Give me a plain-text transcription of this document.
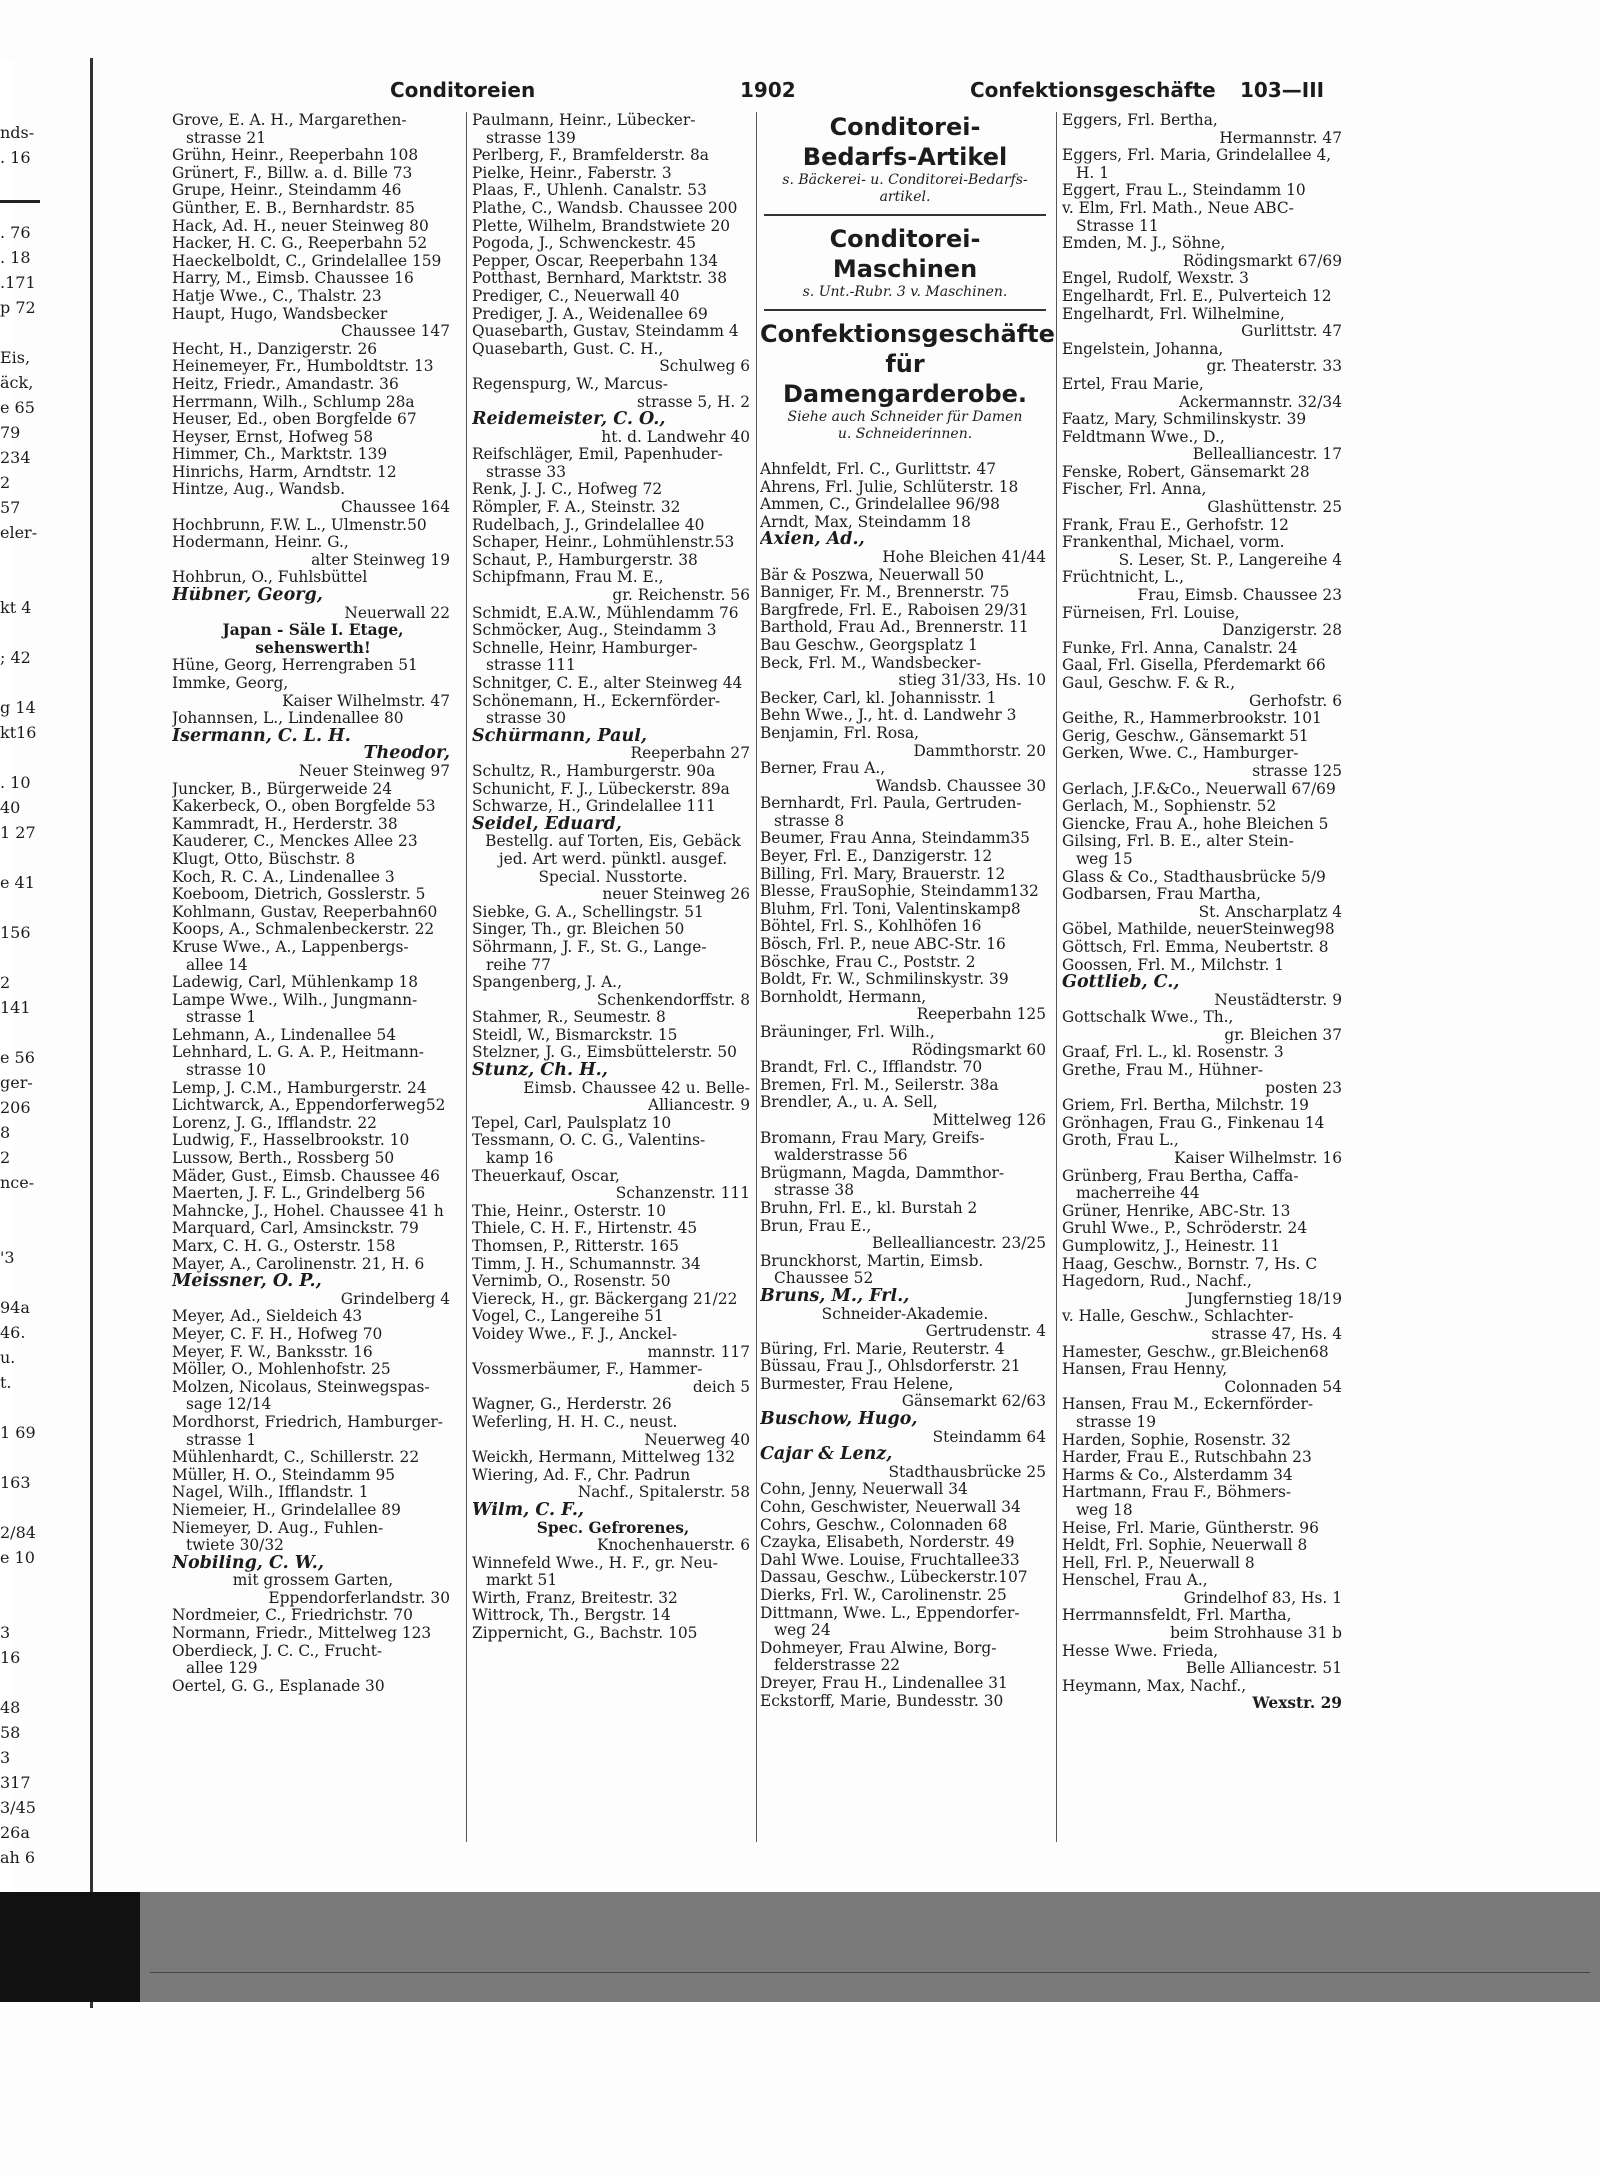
nds-
. 16

. 76
. 18
.171
p 72

Eis,
äck,
e 65
79
234
2
57
eler-

kt 4

; 42

g 14
kt16

. 10
40
1 27

e 41

156

2
141

e 56
ger-
206
8
2
nce-

'3

94a
46.
u.
t.

1 69

163

2/84
e 10

3
16

48
58
3
317
3/45
26a
ah 6

Conditoreien	1902	Confektionsgeschäfte 103—III
Grove, E. A. H., Margarethen-
strasse 21
Grühn, Heinr., Reeperbahn 108
Grünert, F., Billw. a. d. Bille 73
Grupe, Heinr., Steindamm 46
Günther, E. B., Bernhardstr. 85
Hack, Ad. H., neuer Steinweg 80
Hacker, H. C. G., Reeperbahn 52
Haeckelboldt, C., Grindelallee 159
Harry, M., Eimsb. Chaussee 16
Hatje Wwe., C., Thalstr. 23
Haupt, Hugo, Wandsbecker
Chaussee 147
Hecht, H., Danzigerstr. 26
Heinemeyer, Fr., Humboldtstr. 13
Heitz, Friedr., Amandastr. 36
Herrmann, Wilh., Schlump 28a
Heuser, Ed., oben Borgfelde 67
Heyser, Ernst, Hofweg 58
Himmer, Ch., Marktstr. 139
Hinrichs, Harm, Arndtstr. 12
Hintze, Aug., Wandsb.
Chaussee 164
Hochbrunn, F.W. L., Ulmenstr.50
Hodermann, Heinr. G.,
alter Steinweg 19
Hohbrun, O., Fuhlsbüttel
Hübner, Georg,
Neuerwall 22
Japan - Säle I. Etage,
sehenswerth!
Hüne, Georg, Herrengraben 51
Immke, Georg,
Kaiser Wilhelmstr. 47
Johannsen, L., Lindenallee 80
Isermann, C. L. H.
Theodor,
Neuer Steinweg 97
Juncker, B., Bürgerweide 24
Kakerbeck, O., oben Borgfelde 53
Kammradt, H., Herderstr. 38
Kauderer, C., Menckes Allee 23
Klugt, Otto, Büschstr. 8
Koch, R. C. A., Lindenallee 3
Koeboom, Dietrich, Gosslerstr. 5
Kohlmann, Gustav, Reeperbahn60
Koops, A., Schmalenbeckerstr. 22
Kruse Wwe., A., Lappenbergs-
allee 14
Ladewig, Carl, Mühlenkamp 18
Lampe Wwe., Wilh., Jungmann-
strasse 1
Lehmann, A., Lindenallee 54
Lehnhard, L. G. A. P., Heitmann-
strasse 10
Lemp, J. C.M., Hamburgerstr. 24
Lichtwarck, A., Eppendorferweg52
Lorenz, J. G., Ifflandstr. 22
Ludwig, F., Hasselbrookstr. 10
Lussow, Berth., Rossberg 50
Mäder, Gust., Eimsb. Chaussee 46
Maerten, J. F. L., Grindelberg 56
Mahncke, J., Hohel. Chaussee 41 h
Marquard, Carl, Amsinckstr. 79
Marx, C. H. G., Osterstr. 158
Mayer, A., Carolinenstr. 21, H. 6
Meissner, O. P.,
Grindelberg 4
Meyer, Ad., Sieldeich 43
Meyer, C. F. H., Hofweg 70
Meyer, F. W., Banksstr. 16
Möller, O., Mohlenhofstr. 25
Molzen, Nicolaus, Steinwegspas-
sage 12/14
Mordhorst, Friedrich, Hamburger-
strasse 1
Mühlenhardt, C., Schillerstr. 22
Müller, H. O., Steindamm 95
Nagel, Wilh., Ifflandstr. 1
Niemeier, H., Grindelallee 89
Niemeyer, D. Aug., Fuhlen-
twiete 30/32
Nobiling, C. W.,
mit grossem Garten,
Eppendorferlandstr. 30
Nordmeier, C., Friedrichstr. 70
Normann, Friedr., Mittelweg 123
Oberdieck, J. C. C., Frucht-
allee 129
Oertel, G. G., Esplanade 30
Paulmann, Heinr., Lübecker-
strasse 139
Perlberg, F., Bramfelderstr. 8a
Pielke, Heinr., Faberstr. 3
Plaas, F., Uhlenh. Canalstr. 53
Plathe, C., Wandsb. Chaussee 200
Plette, Wilhelm, Brandstwiete 20
Pogoda, J., Schwenckestr. 45
Pepper, Oscar, Reeperbahn 134
Potthast, Bernhard, Marktstr. 38
Prediger, C., Neuerwall 40
Prediger, J. A., Weidenallee 69
Quasebarth, Gustav, Steindamm 4
Quasebarth, Gust. C. H.,
Schulweg 6
Regenspurg, W., Marcus-
strasse 5, H. 2
Reidemeister, C. O.,
ht. d. Landwehr 40
Reifschläger, Emil, Papenhuder-
strasse 33
Renk, J. J. C., Hofweg 72
Römpler, F. A., Steinstr. 32
Rudelbach, J., Grindelallee 40
Schaper, Heinr., Lohmühlenstr.53
Schaut, P., Hamburgerstr. 38
Schipfmann, Frau M. E.,
gr. Reichenstr. 56
Schmidt, E.A.W., Mühlendamm 76
Schmöcker, Aug., Steindamm 3
Schnelle, Heinr, Hamburger-
strasse 111
Schnitger, C. E., alter Steinweg 44
Schönemann, H., Eckernförder-
strasse 30
Schürmann, Paul,
Reeperbahn 27
Schultz, R., Hamburgerstr. 90a
Schunicht, F. J., Lübeckerstr. 89a
Schwarze, H., Grindelallee 111
Seidel, Eduard,
Bestellg. auf Torten, Eis, Gebäck
jed. Art werd. pünktl. ausgef.
Special. Nusstorte.
neuer Steinweg 26
Siebke, G. A., Schellingstr. 51
Singer, Th., gr. Bleichen 50
Söhrmann, J. F., St. G., Lange-
reihe 77
Spangenberg, J. A.,
Schenkendorffstr. 8
Stahmer, R., Seumestr. 8
Steidl, W., Bismarckstr. 15
Stelzner, J. G., Eimsbüttelerstr. 50
Stunz, Ch. H.,
Eimsb. Chaussee 42 u. Belle-
Alliancestr. 9
Tepel, Carl, Paulsplatz 10
Tessmann, O. C. G., Valentins-
kamp 16
Theuerkauf, Oscar,
Schanzenstr. 111
Thie, Heinr., Osterstr. 10
Thiele, C. H. F., Hirtenstr. 45
Thomsen, P., Ritterstr. 165
Timm, J. H., Schumannstr. 34
Vernimb, O., Rosenstr. 50
Viereck, H., gr. Bäckergang 21/22
Vogel, C., Langereihe 51
Voidey Wwe., F. J., Anckel-
mannstr. 117
Vossmerbäumer, F., Hammer-
deich 5
Wagner, G., Herderstr. 26
Weferling, H. H. C., neust.
Neuerweg 40
Weickh, Hermann, Mittelweg 132
Wiering, Ad. F., Chr. Padrun
Nachf., Spitalerstr. 58
Wilm, C. F.,
Spec. Gefrorenes,
Knochenhauerstr. 6
Winnefeld Wwe., H. F., gr. Neu-
markt 51
Wirth, Franz, Breitestr. 32
Wittrock, Th., Bergstr. 14
Zippernicht, G., Bachstr. 105
Conditorei-
Bedarfs-Artikel
s. Bäckerei- u. Conditorei-Bedarfs-
artikel.
Conditorei-Maschinen
s. Unt.-Rubr. 3 v. Maschinen.
Confektionsgeschäfte
für
Damengarderobe.
Siehe auch Schneider für Damen
u. Schneiderinnen.
Ahnfeldt, Frl. C., Gurlittstr. 47
Ahrens, Frl. Julie, Schlüterstr. 18
Ammen, C., Grindelallee 96/98
Arndt, Max, Steindamm 18
Axien, Ad.,
Hohe Bleichen 41/44
Bär & Poszwa, Neuerwall 50
Banniger, Fr. M., Brennerstr. 75
Bargfrede, Frl. E., Raboisen 29/31
Barthold, Frau Ad., Brennerstr. 11
Bau Geschw., Georgsplatz 1
Beck, Frl. M., Wandsbecker-
stieg 31/33, Hs. 10
Becker, Carl, kl. Johannisstr. 1
Behn Wwe., J., ht. d. Landwehr 3
Benjamin, Frl. Rosa,
Dammthorstr. 20
Berner, Frau A.,
Wandsb. Chaussee 30
Bernhardt, Frl. Paula, Gertruden-
strasse 8
Beumer, Frau Anna, Steindamm35
Beyer, Frl. E., Danzigerstr. 12
Billing, Frl. Mary, Brauerstr. 12
Blesse, FrauSophie, Steindamm132
Bluhm, Frl. Toni, Valentinskamp8
Böhtel, Frl. S., Kohlhöfen 16
Bösch, Frl. P., neue ABC-Str. 16
Böschke, Frau C., Poststr. 2
Boldt, Fr. W., Schmilinskystr. 39
Bornholdt, Hermann,
Reeperbahn 125
Bräuninger, Frl. Wilh.,
Rödingsmarkt 60
Brandt, Frl. C., Ifflandstr. 70
Bremen, Frl. M., Seilerstr. 38a
Brendler, A., u. A. Sell,
Mittelweg 126
Bromann, Frau Mary, Greifs-
walderstrasse 56
Brügmann, Magda, Dammthor-
strasse 38
Bruhn, Frl. E., kl. Burstah 2
Brun, Frau E.,
Bellealliancestr. 23/25
Brunckhorst, Martin, Eimsb.
Chaussee 52
Bruns, M., Frl.,
Schneider-Akademie.
Gertrudenstr. 4
Büring, Frl. Marie, Reuterstr. 4
Büssau, Frau J., Ohlsdorferstr. 21
Burmester, Frau Helene,
Gänsemarkt 62/63
Buschow, Hugo,
Steindamm 64
Cajar & Lenz,
Stadthausbrücke 25
Cohn, Jenny, Neuerwall 34
Cohn, Geschwister, Neuerwall 34
Cohrs, Geschw., Colonnaden 68
Czayka, Elisabeth, Norderstr. 49
Dahl Wwe. Louise, Fruchtallee33
Dassau, Geschw., Lübeckerstr.107
Dierks, Frl. W., Carolinenstr. 25
Dittmann, Wwe. L., Eppendorfer-
weg 24
Dohmeyer, Frau Alwine, Borg-
felderstrasse 22
Dreyer, Frau H., Lindenallee 31
Eckstorff, Marie, Bundesstr. 30
Eggers, Frl. Bertha,
Hermannstr. 47
Eggers, Frl. Maria, Grindelallee 4,
H. 1
Eggert, Frau L., Steindamm 10
v. Elm, Frl. Math., Neue ABC-
Strasse 11
Emden, M. J., Söhne,
Rödingsmarkt 67/69
Engel, Rudolf, Wexstr. 3
Engelhardt, Frl. E., Pulverteich 12
Engelhardt, Frl. Wilhelmine,
Gurlittstr. 47
Engelstein, Johanna,
gr. Theaterstr. 33
Ertel, Frau Marie,
Ackermannstr. 32/34
Faatz, Mary, Schmilinskystr. 39
Feldtmann Wwe., D.,
Bellealliancestr. 17
Fenske, Robert, Gänsemarkt 28
Fischer, Frl. Anna,
Glashüttenstr. 25
Frank, Frau E., Gerhofstr. 12
Frankenthal, Michael, vorm.
S. Leser, St. P., Langereihe 4
Früchtnicht, L.,
Frau, Eimsb. Chaussee 23
Fürneisen, Frl. Louise,
Danzigerstr. 28
Funke, Frl. Anna, Canalstr. 24
Gaal, Frl. Gisella, Pferdemarkt 66
Gaul, Geschw. F. & R.,
Gerhofstr. 6
Geithe, R., Hammerbrookstr. 101
Gerig, Geschw., Gänsemarkt 51
Gerken, Wwe. C., Hamburger-
strasse 125
Gerlach, J.F.&Co., Neuerwall 67/69
Gerlach, M., Sophienstr. 52
Giencke, Frau A., hohe Bleichen 5
Gilsing, Frl. B. E., alter Stein-
weg 15
Glass & Co., Stadthausbrücke 5/9
Godbarsen, Frau Martha,
St. Anscharplatz 4
Göbel, Mathilde, neuerSteinweg98
Göttsch, Frl. Emma, Neubertstr. 8
Goossen, Frl. M., Milchstr. 1
Gottlieb, C.,
Neustädterstr. 9
Gottschalk Wwe., Th.,
gr. Bleichen 37
Graaf, Frl. L., kl. Rosenstr. 3
Grethe, Frau M., Hühner-
posten 23
Griem, Frl. Bertha, Milchstr. 19
Grönhagen, Frau G., Finkenau 14
Groth, Frau L.,
Kaiser Wilhelmstr. 16
Grünberg, Frau Bertha, Caffa-
macherreihe 44
Grüner, Henrike, ABC-Str. 13
Gruhl Wwe., P., Schröderstr. 24
Gumplowitz, J., Heinestr. 11
Haag, Geschw., Bornstr. 7, Hs. C
Hagedorn, Rud., Nachf.,
Jungfernstieg 18/19
v. Halle, Geschw., Schlachter-
strasse 47, Hs. 4
Hamester, Geschw., gr.Bleichen68
Hansen, Frau Henny,
Colonnaden 54
Hansen, Frau M., Eckernförder-
strasse 19
Harden, Sophie, Rosenstr. 32
Harder, Frau E., Rutschbahn 23
Harms & Co., Alsterdamm 34
Hartmann, Frau F., Böhmers-
weg 18
Heise, Frl. Marie, Güntherstr. 96
Heldt, Frl. Sophie, Neuerwall 8
Hell, Frl. P., Neuerwall 8
Henschel, Frau A.,
Grindelhof 83, Hs. 1
Herrmannsfeldt, Frl. Martha,
beim Strohhause 31 b
Hesse Wwe. Frieda,
Belle Alliancestr. 51
Heymann, Max, Nachf.,
Wexstr. 29
